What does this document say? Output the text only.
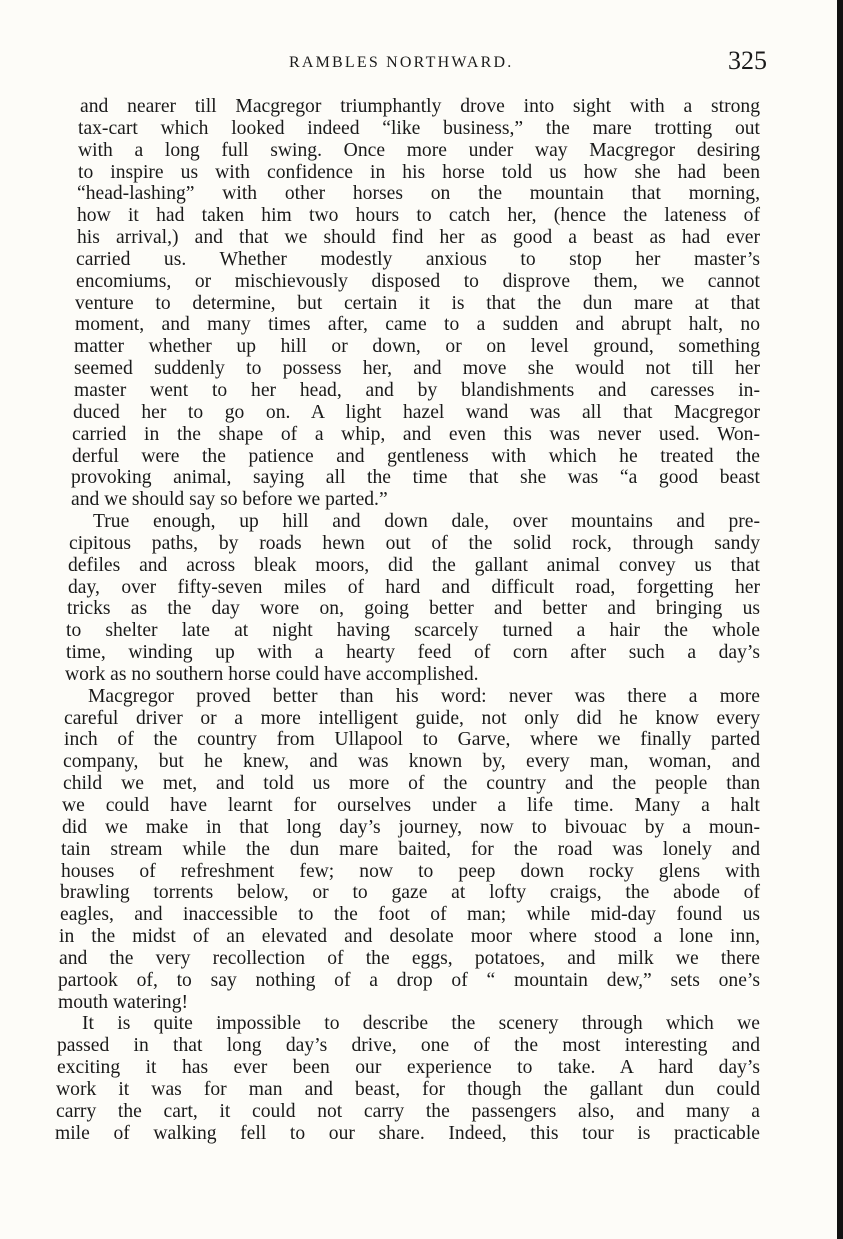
RAMBLES NORTHWARD.	325
and nearer till Macgregor triumphantly drove into sight with a strong
tax-cart which looked indeed “like business,” the mare trotting out
with a long full swing. Once more under way Macgregor desiring
to inspire us with confidence in his horse told us how she had been
“head-lashing” with other horses on the mountain that morning,
how it had taken him two hours to catch her, (hence the lateness of
his arrival,) and that we should find her as good a beast as had ever
carried us. Whether modestly anxious to stop her master’s
encomiums, or mischievously disposed to disprove them, we cannot
venture to determine, but certain it is that the dun mare at that
moment, and many times after, came to a sudden and abrupt halt, no
matter whether up hill or down, or on level ground, something
seemed suddenly to possess her, and move she would not till her
master went to her head, and by blandishments and caresses in-
duced her to go on. A light hazel wand was all that Macgregor
carried in the shape of a whip, and even this was never used. Won-
derful were the patience and gentleness with which he treated the
provoking animal, saying all the time that she was “a good beast
and we should say so before we parted.”
True enough, up hill and down dale, over mountains and pre-
cipitous paths, by roads hewn out of the solid rock, through sandy
defiles and across bleak moors, did the gallant animal convey us that
day, over fifty-seven miles of hard and difficult road, forgetting her
tricks as the day wore on, going better and better and bringing us
to shelter late at night having scarcely turned a hair the whole
time, winding up with a hearty feed of corn after such a day’s
work as no southern horse could have accomplished.
Macgregor proved better than his word: never was there a more
careful driver or a more intelligent guide, not only did he know every
inch of the country from Ullapool to Garve, where we finally parted
company, but he knew, and was known by, every man, woman, and
child we met, and told us more of the country and the people than
we could have learnt for ourselves under a life time. Many a halt
did we make in that long day’s journey, now to bivouac by a moun-
tain stream while the dun mare baited, for the road was lonely and
houses of refreshment few; now to peep down rocky glens with
brawling torrents below, or to gaze at lofty craigs, the abode of
eagles, and inaccessible to the foot of man; while mid-day found us
in the midst of an elevated and desolate moor where stood a lone inn,
and the very recollection of the eggs, potatoes, and milk we there
partook of, to say nothing of a drop of “ mountain dew,” sets one’s
mouth watering!
It is quite impossible to describe the scenery through which we
passed in that long day’s drive, one of the most interesting and
exciting it has ever been our experience to take. A hard day’s
work it was for man and beast, for though the gallant dun could
carry the cart, it could not carry the passengers also, and many a
mile of walking fell to our share. Indeed, this tour is practicable
